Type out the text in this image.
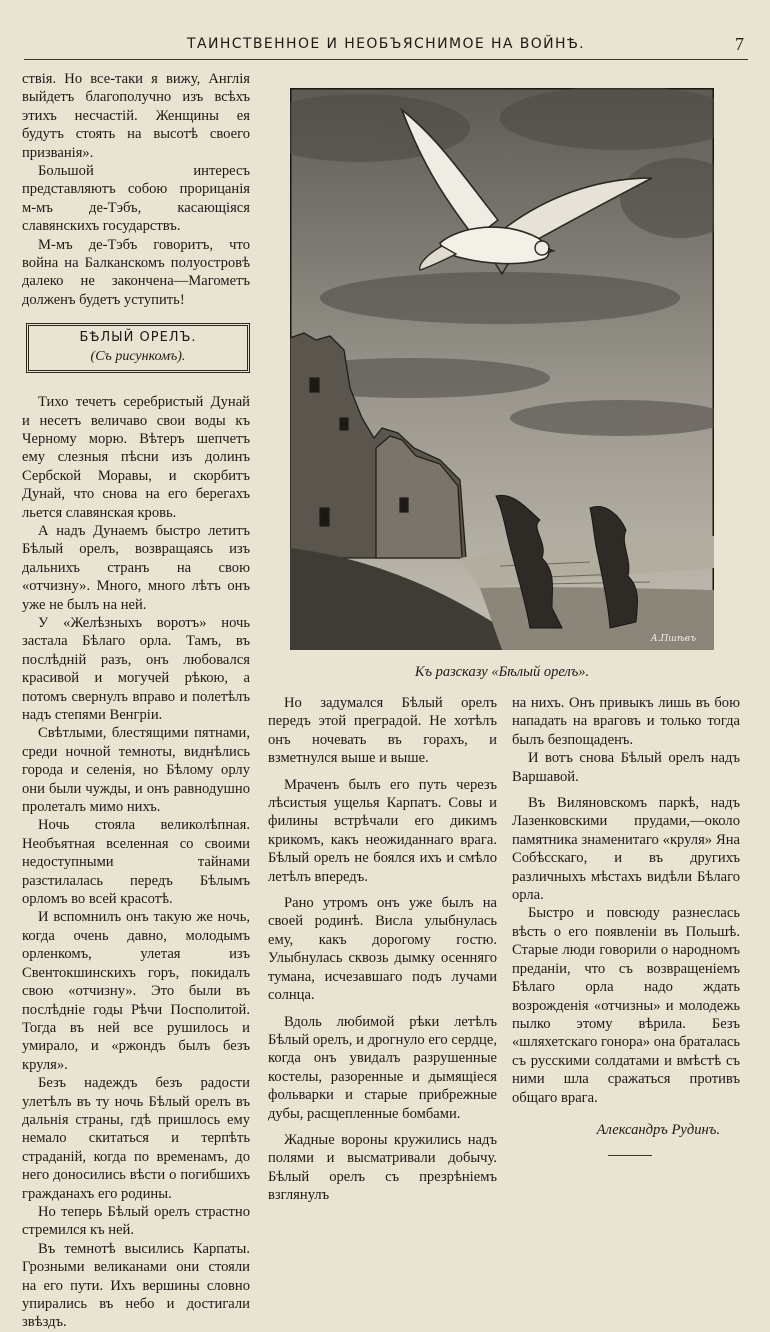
ТАИНСТВЕННОЕ И НЕОБЪЯСНИМОЕ НА ВОЙНѢ.	7

ствія. Но все-таки я вижу, Англія выйдетъ благополучно изъ всѣхъ этихъ несчастій. Женщины ея будутъ стоять на высотѣ своего призванія».

Большой интересъ представляютъ собою прорицанія м-мъ де-Тэбъ, касающіяся славянскихъ государствъ.

М-мъ де-Тэбъ говоритъ, что война на Балканскомъ полуостровѣ далеко не закончена—Магометъ долженъ будетъ уступить!

БѢЛЫЙ ОРЕЛЪ.
(Съ рисункомъ).

Тихо течетъ серебристый Дунай и несетъ величаво свои воды къ Черному морю. Вѣтеръ шепчетъ ему слезныя пѣсни изъ долинъ Сербской Моравы, и скорбитъ Дунай, что снова на его берегахъ льется славянская кровь.

А надъ Дунаемъ быстро летитъ Бѣлый орелъ, возвращаясь изъ дальнихъ странъ на свою «отчизну». Много, много лѣтъ онъ уже не былъ на ней.

У «Желѣзныхъ воротъ» ночь застала Бѣлаго орла. Тамъ, въ послѣдній разъ, онъ любовался красивой и могучей рѣкою, а потомъ свернулъ вправо и полетѣлъ надъ степями Венгріи.

Свѣтлыми, блестящими пятнами, среди ночной темноты, виднѣлись города и селенія, но Бѣлому орлу они были чужды, и онъ равнодушно пролеталъ мимо нихъ.

Ночь стояла великолѣпная. Необъятная вселенная со своими недоступными тайнами разстилалась передъ Бѣлымъ орломъ во всей красотѣ.

И вспомнилъ онъ такую же ночь, когда очень давно, молодымъ орленкомъ, улетая изъ Свентокшинскихъ горъ, покидалъ свою «отчизну». Это были въ послѣдніе годы Рѣчи Посполитой. Тогда въ ней все рушилось и умирало, и «ржондъ былъ безъ круля».

Безъ надеждъ безъ радости улетѣлъ въ ту ночь Бѣлый орелъ въ дальнія страны, гдѣ пришлось ему немало скитаться и терпѣть страданій, когда по временамъ, до него доносились вѣсти о погибшихъ гражданахъ его родины.

Но теперь Бѣлый орелъ страстно стремился къ ней.

Въ темнотѣ высились Карпаты. Грозными великанами они стояли на его пути. Ихъ вершины словно упирались въ небо и достигали звѣздъ.

А.Пшѣвъ
Къ разсказу «Бѣлый орелъ».

Но задумался Бѣлый орелъ передъ этой преградой. Не хотѣлъ онъ ночевать въ горахъ, и взметнулся выше и выше.

Мраченъ былъ его путь черезъ лѣсистыя ущелья Карпатъ. Совы и филины встрѣчали его дикимъ крикомъ, какъ неожиданнаго врага. Бѣлый орелъ не боялся ихъ и смѣло летѣлъ впередъ.

Рано утромъ онъ уже былъ на своей родинѣ. Висла улыбнулась ему, какъ дорогому гостю. Улыбнулась сквозь дымку осенняго тумана, исчезавшаго подъ лучами солнца.

Вдоль любимой рѣки летѣлъ Бѣлый орелъ, и дрогнуло его сердце, когда онъ увидалъ разрушенные костелы, разоренные и дымящіеся фольварки и старые прибрежные дубы, расщепленные бомбами.

Жадные вороны кружились надъ полями и высматривали добычу. Бѣлый орелъ съ презрѣніемъ взглянулъ

на нихъ. Онъ привыкъ лишь въ бою нападать на враговъ и только тогда былъ безпощаденъ.

И вотъ снова Бѣлый орелъ надъ Варшавой.

Въ Виляновскомъ паркѣ, надъ Лазенковскими прудами,—около памятника знаменитаго «круля» Яна Собѣсскаго, и въ другихъ различныхъ мѣстахъ видѣли Бѣлаго орла.

Быстро и повсюду разнеслась вѣсть о его появленіи въ Польшѣ. Старые люди говорили о народномъ преданіи, что съ возвращеніемъ Бѣлаго орла надо ждать возрожденія «отчизны» и молодежь пылко этому вѣрила. Безъ «шляхетскаго гонора» она браталась съ русскими солдатами и вмѣстѣ съ ними шла сражаться противъ общаго врага.

Александръ Рудинъ.
